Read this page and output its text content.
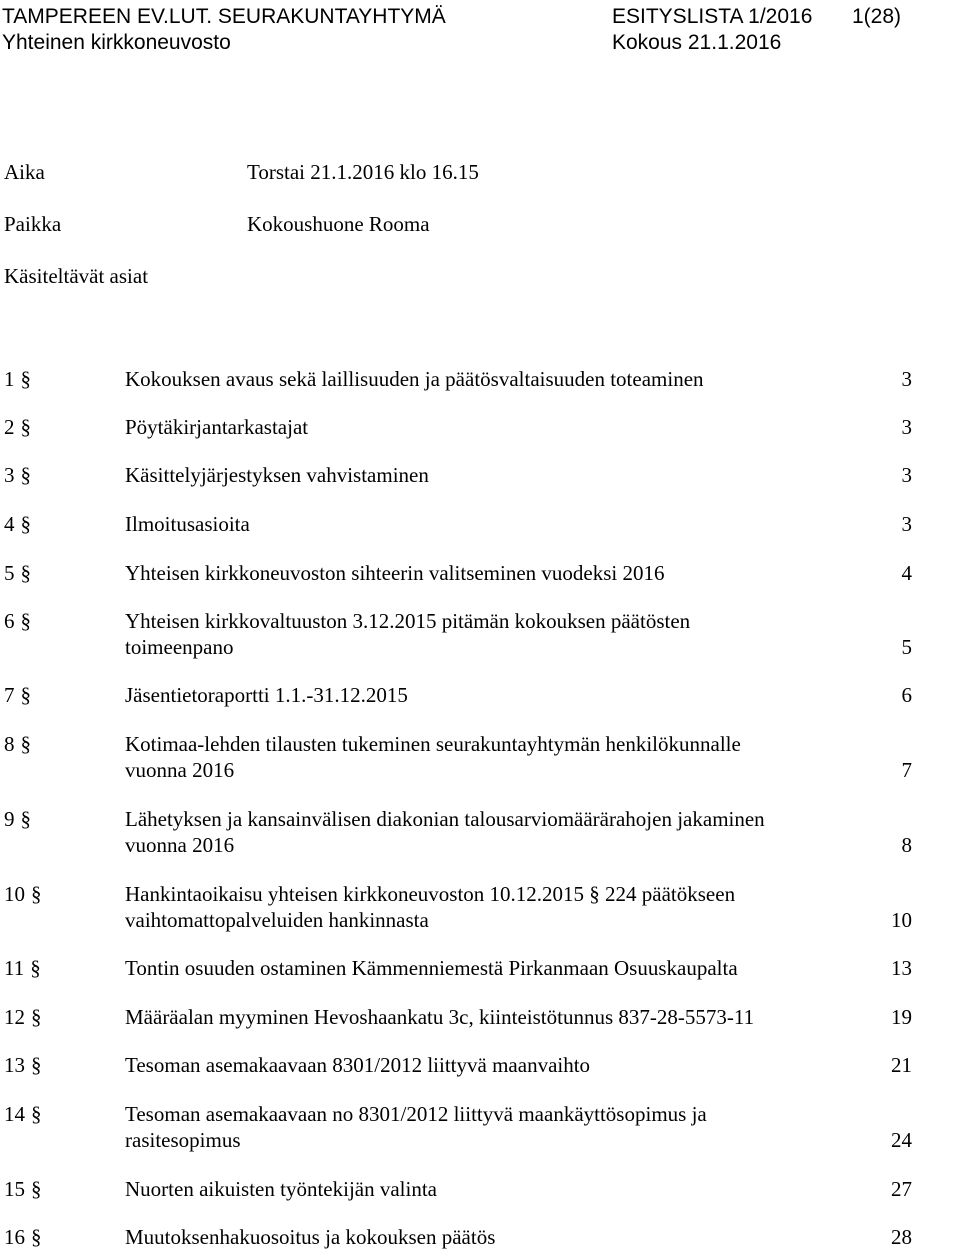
TAMPEREEN EV.LUT. SEURAKUNTAYHTYMÄ	ESITYSLISTA 1/2016 1(28)
Yhteinen kirkkoneuvosto	Kokous 21.1.2016
Aika	Torstai 21.1.2016 klo 16.15
Paikka	Kokoushuone Rooma
Käsiteltävät asiat
1 §	Kokouksen avaus sekä laillisuuden ja päätösvaltaisuuden toteaminen	3
2 §	Pöytäkirjantarkastajat	3
3 §	Käsittelyjärjestyksen vahvistaminen	3
4 §	Ilmoitusasioita	3
5 §	Yhteisen kirkkoneuvoston sihteerin valitseminen vuodeksi 2016	4
6 §	Yhteisen kirkkovaltuuston 3.12.2015 pitämän kokouksen päätösten toimeenpano	5
7 §	Jäsentietoraportti 1.1.-31.12.2015	6
8 §	Kotimaa-lehden tilausten tukeminen seurakuntayhtymän henkilökunnalle vuonna 2016	7
9 §	Lähetyksen ja kansainvälisen diakonian talousarviomäärärahojen jakaminen vuonna 2016	8
10 §	Hankintaoikaisu yhteisen kirkkoneuvoston 10.12.2015 § 224 päätökseen vaihtomattopalveluiden hankinnasta	10
11 §	Tontin osuuden ostaminen Kämmenniemestä Pirkanmaan Osuuskaupalta	13
12 §	Määräalan myyminen Hevoshaankatu 3c, kiinteistötunnus 837-28-5573-11	19
13 §	Tesoman asemakaavaan 8301/2012 liittyvä maanvaihto	21
14 §	Tesoman asemakaavaan no 8301/2012 liittyvä maankäyttösopimus ja rasitesopimus	24
15 §	Nuorten aikuisten työntekijän valinta	27
16 §	Muutoksenhakuosoitus ja kokouksen päätös	28
